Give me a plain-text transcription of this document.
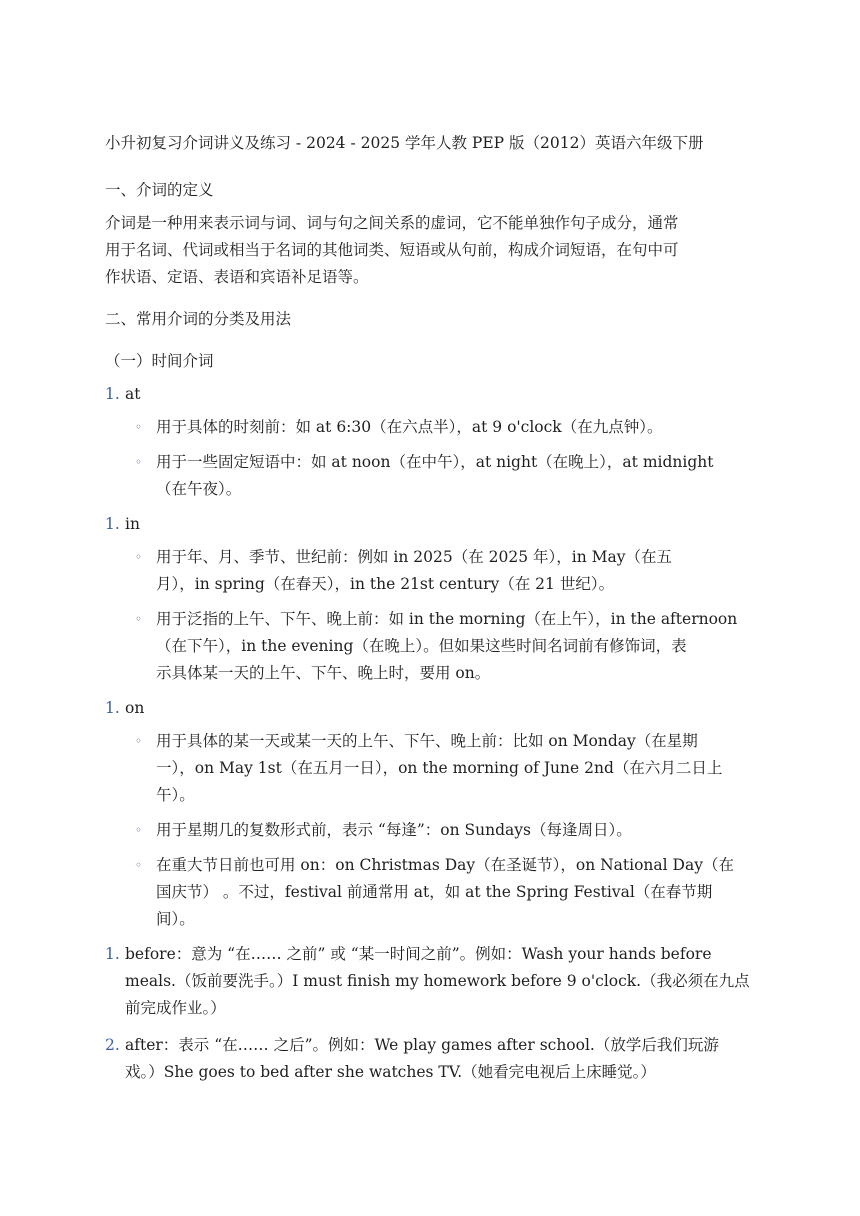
小升初复习介词讲义及练习 - 2024 - 2025 学年人教 PEP 版（2012）英语六年级下册
一、介词的定义
介词是一种用来表示词与词、词与句之间关系的虚词，它不能单独作句子成分，通常
用于名词、代词或相当于名词的其他词类、短语或从句前，构成介词短语，在句中可
作状语、定语、表语和宾语补足语等。
二、常用介词的分类及用法
（一）时间介词
1. at
◦ 用于具体的时刻前：如 at 6:30（在六点半），at 9 o'clock（在九点钟）。
◦ 用于一些固定短语中：如 at noon（在中午），at night（在晚上），at midnight
（在午夜）。
1. in
◦ 用于年、月、季节、世纪前：例如 in 2025（在 2025 年），in May（在五
月），in spring（在春天），in the 21st century（在 21 世纪）。
◦ 用于泛指的上午、下午、晚上前：如 in the morning（在上午），in the afternoon
（在下午），in the evening（在晚上）。但如果这些时间名词前有修饰词，表
示具体某一天的上午、下午、晚上时，要用 on。
1. on
◦ 用于具体的某一天或某一天的上午、下午、晚上前：比如 on Monday（在星期
一），on May 1st（在五月一日），on the morning of June 2nd（在六月二日上
午）。
◦ 用于星期几的复数形式前，表示 “每逢”：on Sundays（每逢周日）。
◦ 在重大节日前也可用 on：on Christmas Day（在圣诞节），on National Day（在
国庆节） 。不过，festival 前通常用 at，如 at the Spring Festival（在春节期
间）。
1. before：意为 “在…… 之前” 或 “某一时间之前”。例如：Wash your hands before
meals.（饭前要洗手。）I must finish my homework before 9 o'clock.（我必须在九点
前完成作业。）
2. after：表示 “在…… 之后”。例如：We play games after school.（放学后我们玩游
戏。）She goes to bed after she watches TV.（她看完电视后上床睡觉。）
